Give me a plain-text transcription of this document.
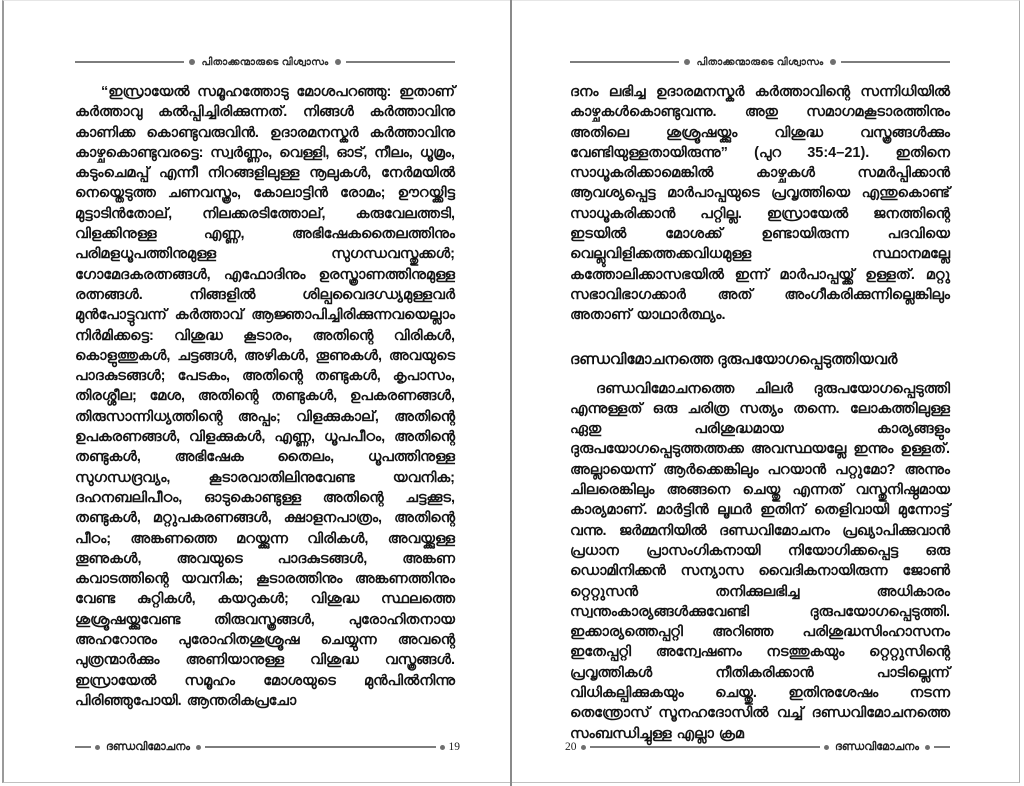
പിതാക്കന്മാരുടെ വിശ്വാസം

“ഇസ്രായേൽ സമൂഹത്തോടു മോശപറഞ്ഞു: ഇതാണ് കർത്താവു കൽപ്പിച്ചിരിക്കുന്നത്. നിങ്ങൾ കർത്താവിനു കാണിക്ക കൊണ്ടുവരുവിൻ. ഉദാരമനസ്കർ കർത്താവിനു കാഴ്ചകൊണ്ടുവരട്ടെ: സ്വർണ്ണം, വെള്ളി, ഓട്, നീലം, ധൂമ്രം, കടുംചെമപ്പ് എന്നീ നിറങ്ങളിലുള്ള നൂലുകൾ, നേർമയിൽ നെയ്തെടുത്ത ചണവസ്ത്രം, കോലാട്ടിൻ രോമം; ഊറയ്ക്കിട്ട മുട്ടാടിൻതോല്, നിലക്കരടിത്തോല്, കരുവേലത്തടി, വിളക്കിനുള്ള എണ്ണ, അഭിഷേകതൈലത്തിനും പരിമളധൂപത്തിനുമുള്ള സുഗന്ധവസ്തുക്കൾ; ഗോമേദകരത്നങ്ങൾ, എഫോദിനും ഉരസ്ത്രാണത്തിനുമുള്ള രത്നങ്ങൾ. നിങ്ങളിൽ ശില്പവൈദഗ്ധ്യമുള്ളവർ മുൻപോട്ടുവന്ന് കർത്താവ് ആജ്ഞാപിച്ചിരിക്കുന്നവയെല്ലാം നിർമിക്കട്ടെ: വിശുദ്ധ കൂടാരം, അതിന്റെ വിരികൾ, കൊളുത്തുകൾ, ചട്ടങ്ങൾ, അഴികൾ, തൂണുകൾ, അവയുടെ പാദകുടങ്ങൾ; പേടകം, അതിന്റെ തണ്ടുകൾ, കൃപാസം, തിരശ്ശീല; മേശ, അതിന്റെ തണ്ടുകൾ, ഉപകരണങ്ങൾ, തിരുസാന്നിധ്യത്തിന്റെ അപ്പം; വിളക്കുകാല്, അതിന്റെ ഉപകരണങ്ങൾ, വിളക്കുകൾ, എണ്ണ, ധൂപപീഠം, അതിന്റെ തണ്ടുകൾ, അഭിഷേക തൈലം, ധൂപത്തിനുള്ള സുഗന്ധദ്രവ്യം, കൂടാരവാതിലിനുവേണ്ട യവനിക; ദഹനബലിപീഠം, ഓടുകൊണ്ടുള്ള അതിന്റെ ചട്ടക്കൂട, തണ്ടുകൾ, മറ്റുപകരണങ്ങൾ, ക്ഷാളനപാത്രം, അതിന്റെ പീഠം; അങ്കണത്തെ മറയ്ക്കുന്ന വിരികൾ, അവയ്ക്കുള്ള തൂണുകൾ, അവയുടെ പാദകുടങ്ങൾ, അങ്കണ കവാടത്തിന്റെ യവനിക; കൂടാരത്തിനും അങ്കണത്തിനും വേണ്ട കുറ്റികൾ, കയറുകൾ; വിശുദ്ധ സ്ഥലത്തെ ശുശ്രൂഷയ്ക്കുവേണ്ട തിരുവസ്ത്രങ്ങൾ, പുരോഹിതനായ അഹറോനും പുരോഹിതശുശ്രൂഷ ചെയ്യുന്ന അവന്റെ പുത്രന്മാർക്കും അണിയാനുള്ള വിശുദ്ധ വസ്ത്രങ്ങൾ. ഇസ്രായേൽ സമൂഹം മോശയുടെ മുൻപിൽനിന്നു പിരിഞ്ഞുപോയി. ആന്തരികപ്രചോ

ദണ്ഡവിമോചനം	19
പിതാക്കന്മാരുടെ വിശ്വാസം

ദനം ലഭിച്ച ഉദാരമനസ്കർ കർത്താവിന്റെ സന്നിധിയിൽ കാഴ്ചകൾകൊണ്ടുവന്നു. അതു സമാഗമകൂടാരത്തിനും അതിലെ ശുശ്രൂഷയ്ക്കും വിശുദ്ധ വസ്ത്രങ്ങൾക്കും വേണ്ടിയുള്ളതായിരുന്നു” (പുറ 35:4–21). ഇതിനെ സാധൂകരിക്കാമെങ്കിൽ കാഴ്ചകൾ സമർപ്പിക്കാൻ ആവശ്യപ്പെട്ട മാർപാപ്പയുടെ പ്രവൃത്തിയെ എന്തുകൊണ്ട് സാധൂകരിക്കാൻ പറ്റില്ല. ഇസ്രായേൽ ജനത്തിന്റെ ഇടയിൽ മോശക്ക് ഉണ്ടായിരുന്ന പദവിയെ വെല്ലുവിളിക്കത്തക്കവിധമുള്ള സ്ഥാനമല്ലേ കത്തോലിക്കാസഭയിൽ ഇന്ന് മാർപാപ്പയ്ക്ക് ഉള്ളത്. മറ്റു സഭാവിഭാഗക്കാർ അത് അംഗീകരിക്കുന്നില്ലെങ്കിലും അതാണ് യാഥാർത്ഥ്യം.

ദണ്ഡവിമോചനത്തെ ദുരുപയോഗപ്പെടുത്തിയവർ

ദണ്ഡവിമോചനത്തെ ചിലർ ദുരുപയോഗപ്പെടുത്തി എന്നുള്ളത് ഒരു ചരിത്ര സത്യം തന്നെ. ലോകത്തിലുള്ള ഏതു പരിശുദ്ധമായ കാര്യങ്ങളും ദുരുപയോഗപ്പെടുത്തത്തക്ക അവസ്ഥയല്ലേ ഇന്നും ഉള്ളത്. അല്ലായെന്ന് ആർക്കെങ്കിലും പറയാൻ പറ്റുമോ? അന്നും ചിലരെങ്കിലും അങ്ങനെ ചെയ്തു എന്നത് വസ്തുനിഷ്ഠമായ കാര്യമാണ്. മാർട്ടിൻ ലൂഥർ ഇതിന് തെളിവായി മുന്നോട്ട് വന്നു. ജർമ്മനിയിൽ ദണ്ഡവിമോചനം പ്രഖ്യാപിക്കുവാൻ പ്രധാന പ്രാസംഗികനായി നിയോഗിക്കപ്പെട്ട ഒരു ഡൊമിനിക്കൻ സന്യാസ വൈദികനായിരുന്ന ജോൺ റ്റെറ്റുസൻ തനിക്കുലഭിച്ച അധികാരം സ്വന്തംകാര്യങ്ങൾക്കുവേണ്ടി ദുരുപയോഗപ്പെടുത്തി. ഇക്കാര്യത്തെപ്പറ്റി അറിഞ്ഞ പരിശുദ്ധസിംഹാസനം ഇതേപ്പറ്റി അന്വേഷണം നടത്തുകയും റ്റെറ്റുസിന്റെ പ്രവൃത്തികൾ നീതികരിക്കാൻ പാടില്ലെന്ന് വിധികല്പിക്കുകയും ചെയ്തു. ഇതിനുശേഷം നടന്ന തെന്ത്രോസ് സൂനഹദോസിൽ വച്ച് ദണ്ഡവിമോചനത്തെ സംബന്ധിച്ചുള്ള എല്ലാ ക്രമ

20	ദണ്ഡവിമോചനം
